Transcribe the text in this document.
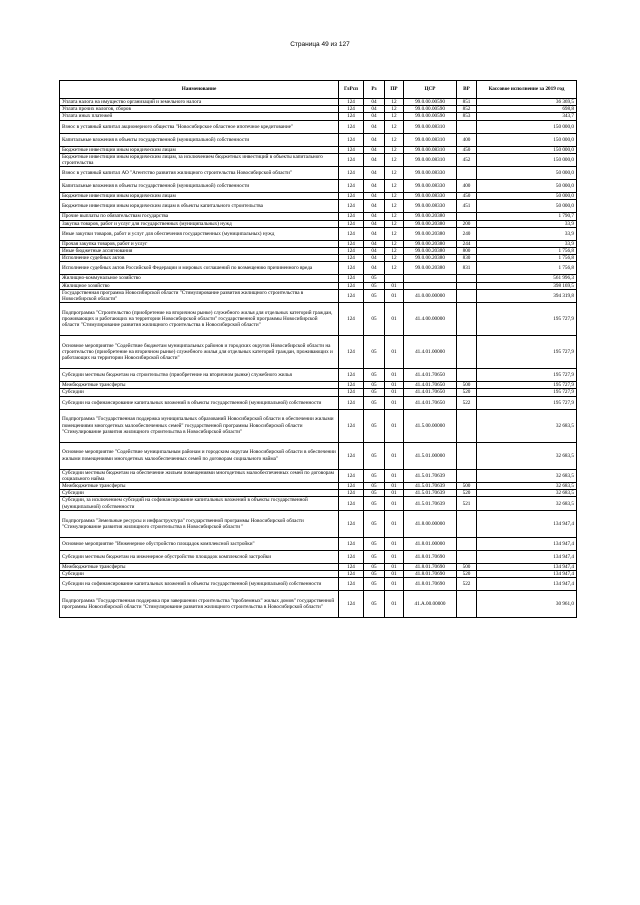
Страница 49 из 127
Наименование	ГлРсп	Рз	ПР	ЦСР	ВР	Кассовое исполнение за 2019 год
Уплата налога на имущество организаций и земельного налога	124	04	12	99.0.00.00590	851	36 369,5
Уплата прочих налогов, сборов	124	04	12	99.0.00.00590	852	698,8
Уплата иных платежей	124	04	12	99.0.00.00590	853	343,7
Взнос в уставный капитал акционерного общества "Новосибирское областное ипотечное кредитование"	124	04	12	99.0.00.08310		150 000,0
Капитальные вложения в объекты государственной (муниципальной) собственности	124	04	12	99.0.00.08310	400	150 000,0
Бюджетные инвестиции иным юридическим лицам	124	04	12	99.0.00.08310	450	150 000,0
Бюджетные инвестиции иным юридическим лицам, за исключением бюджетных инвестиций в объекты капитального строительства	124	04	12	99.0.00.08310	452	150 000,0
Взнос в уставный капитал АО "Агентство развития жилищного строительства Новосибирской области"	124	04	12	99.0.00.08330		50 000,0
Капитальные вложения в объекты государственной (муниципальной) собственности	124	04	12	99.0.00.08330	400	50 000,0
Бюджетные инвестиции иным юридическим лицам	124	04	12	99.0.00.08330	450	50 000,0
Бюджетные инвестиции иным юридическим лицам в объекты капитального строительства	124	04	12	99.0.00.08330	451	50 000,0
Прочие выплаты по обязательствам государства	124	04	12	99.0.00.20380		1 790,7
Закупка товаров, работ и услуг для государственных (муниципальных) нужд	124	04	12	99.0.00.20380	200	33,9
Иные закупки товаров, работ и услуг для обеспечения государственных (муниципальных) нужд	124	04	12	99.0.00.20380	240	33,9
Прочая закупка товаров, работ и услуг	124	04	12	99.0.00.20380	244	33,9
Иные бюджетные ассигнования	124	04	12	99.0.00.20380	800	1 756,8
Исполнение судебных актов	124	04	12	99.0.00.20380	830	1 756,8
Исполнение судебных актов Российской Федерации и мировых соглашений по возмещению причиненного вреда	124	04	12	99.0.00.20380	831	1 756,8
Жилищно-коммунальное хозяйство	124	05				561 996,3
Жилищное хозяйство	124	05	01			398 169,5
Государственная программа Новосибирской области "Стимулирование развития жилищного строительства в Новосибирской области"	124	05	01	41.0.00.00000		394 319,8
Подпрограмма "Строительство (приобретение на вторичном рынке) служебного жилья для отдельных категорий граждан, проживающих и работающих на территории Новосибирской области" государственной программы Новосибирской области "Стимулирование развития жилищного строительства в Новосибирской области"	124	05	01	41.4.00.00000		195 727,9
Основное мероприятие "Содействие бюджетам муниципальных районов и городских округов Новосибирской области на строительство (приобретение на вторичном рынке) служебного жилья для отдельных категорий граждан, проживающих и работающих на территории Новосибирской области"	124	05	01	41.4.01.00000		195 727,9
Субсидии местным бюджетам на строительство (приобретение на вторичном рынке) служебного жилья	124	05	01	41.4.01.70650		195 727,9
Межбюджетные трансферты	124	05	01	41.4.01.70650	500	195 727,9
Субсидии	124	05	01	41.4.01.70650	520	195 727,9
Субсидии на софинансирование капитальных вложений в объекты государственной (муниципальной) собственности	124	05	01	41.4.01.70650	522	195 727,9
Подпрограмма "Государственная поддержка муниципальных образований Новосибирской области в обеспечении жилыми помещениями многодетных малообеспеченных семей" государственной программы Новосибирской области "Стимулирование развития жилищного строительства в Новосибирской области"	124	05	01	41.5.00.00000		32 683,5
Основное мероприятие "Содействие муниципальным районам и городским округам Новосибирской области в обеспечении жилыми помещениями многодетных малообеспеченных семей по договорам социального найма"	124	05	01	41.5.01.00000		32 683,5
Субсидии местным бюджетам на обеспечение жильем помещениями многодетных малообеспеченных семей по договорам социального найма	124	05	01	41.5.01.70639		32 683,5
Межбюджетные трансферты	124	05	01	41.5.01.70639	500	32 683,5
Субсидии	124	05	01	41.5.01.70639	520	32 683,5
Субсидии, за исключением субсидий на софинансирование капитальных вложений в объекты государственной (муниципальной) собственности	124	05	01	41.5.01.70639	521	32 683,5
Подпрограмма "Земельные ресурсы и инфраструктура" государственной программы Новосибирской области "Стимулирование развития жилищного строительства в Новосибирской области "	124	05	01	41.8.00.00000		134 947,4
Основное мероприятие "Инженерное обустройство площадок комплексной застройки"	124	05	01	41.8.01.00000		134 947,4
Субсидии местным бюджетам на инженерное обустройство площадок комплексной застройки	124	05	01	41.8.01.70690		134 947,4
Межбюджетные трансферты	124	05	01	41.8.01.70690	500	134 947,4
Субсидии	124	05	01	41.8.01.70690	520	134 947,4
Субсидии на софинансирование капитальных вложений в объекты государственной (муниципальной) собственности	124	05	01	41.8.01.70690	522	134 947,4
Подпрограмма "Государственная поддержка при завершении строительства "проблемных" жилых домов" государственной программы Новосибирской области "Стимулирование развития жилищного строительства в Новосибирской области"	124	05	01	41.А.00.00000		30 961,0
